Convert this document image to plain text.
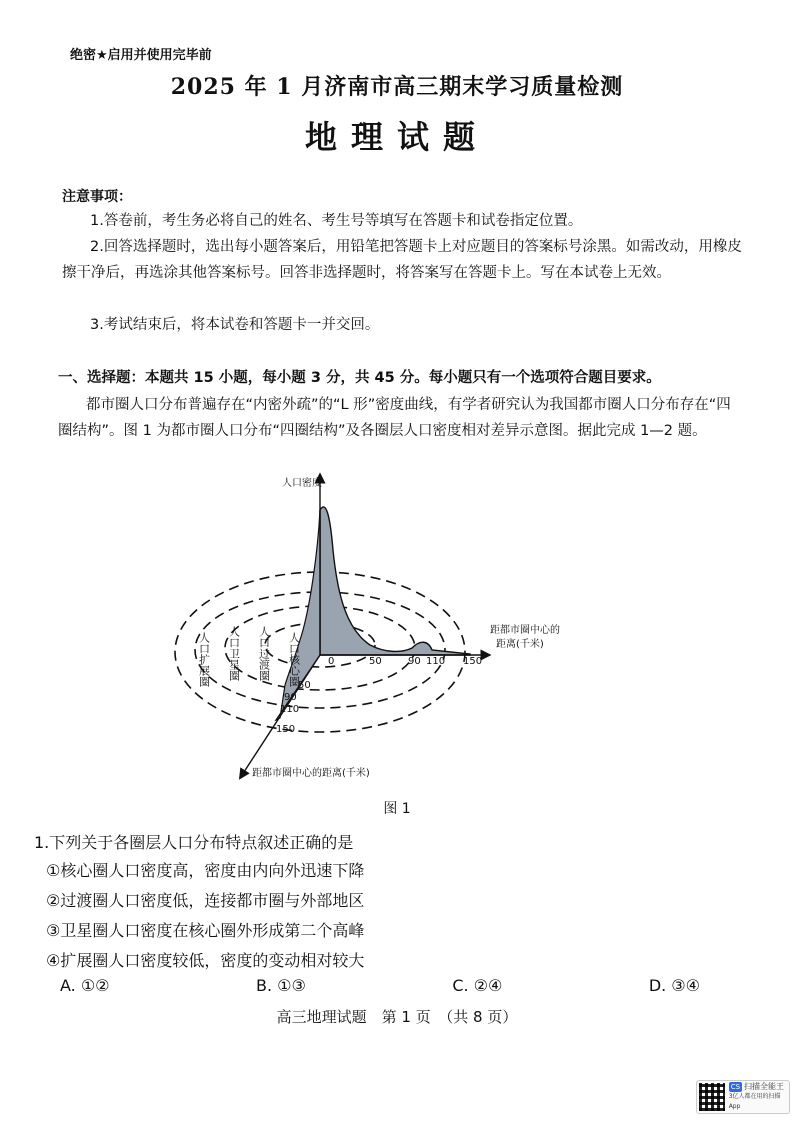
绝密★启用并使用完毕前
2025 年 1 月济南市高三期末学习质量检测
地理试题
注意事项：
1.答卷前，考生务必将自己的姓名、考生号等填写在答题卡和试卷指定位置。
2.回答选择题时，选出每小题答案后，用铅笔把答题卡上对应题目的答案标号涂黑。如需改动，用橡皮擦干净后，再选涂其他答案标号。回答非选择题时，将答案写在答题卡上。写在本试卷上无效。
3.考试结束后，将本试卷和答题卡一并交回。
一、选择题：本题共 15 小题，每小题 3 分，共 45 分。每小题只有一个选项符合题目要求。
都市圈人口分布普遍存在“内密外疏”的“L 形”密度曲线，有学者研究认为我国都市圈人口分布存在“四圈结构”。图 1 为都市圈人口分布“四圈结构”及各圈层人口密度相对差异示意图。据此完成 1—2 题。
人口密度
距都市圈中心的
距离(千米)
距都市圈中心的距离(千米)
0	50	90 110 150
50
90
110
150
人口扩展圈 人口卫星圈 人口过渡圈 人口核心圈
图 1
1.下列关于各圈层人口分布特点叙述正确的是
①核心圈人口密度高，密度由内向外迅速下降
②过渡圈人口密度低，连接都市圈与外部地区
③卫星圈人口密度在核心圈外形成第二个高峰
④扩展圈人口密度较低，密度的变动相对较大
A. ①②	B. ①③	C. ②④	D. ③④
高三地理试题　第 1 页　（共 8 页）
CS 扫描全能王
3亿人都在用的扫描App
